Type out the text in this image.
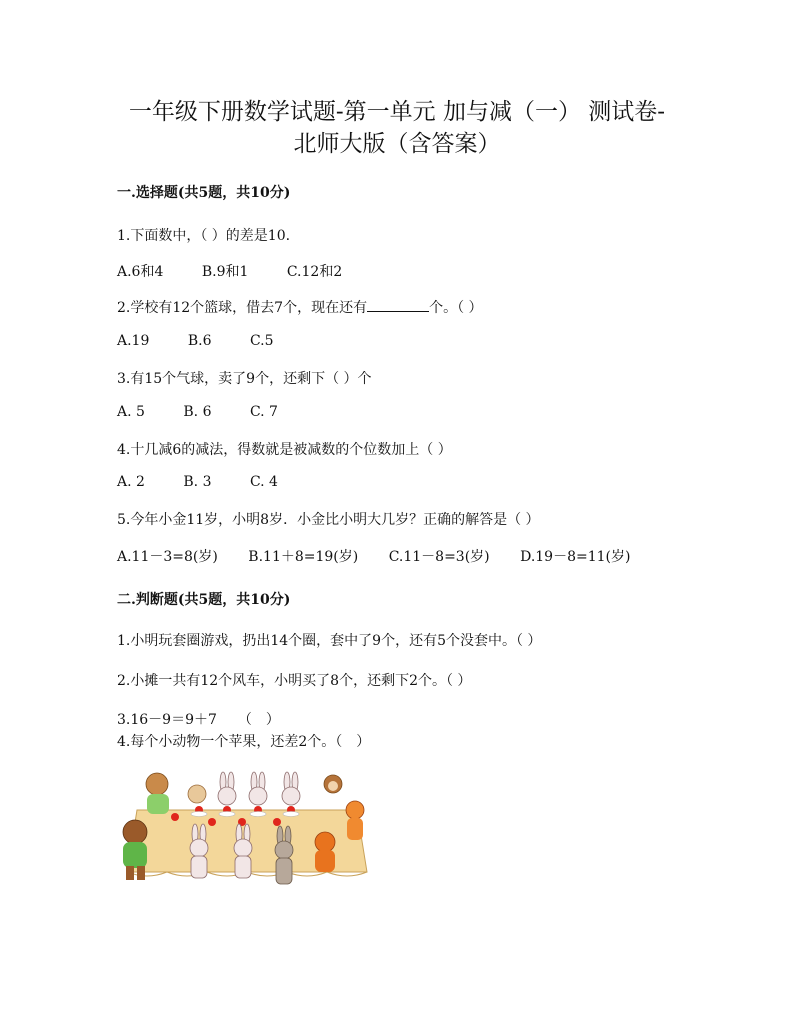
一年级下册数学试题-第一单元 加与减（一） 测试卷-
北师大版（含答案）
一.选择题(共5题，共10分)
1.下面数中，（ ）的差是10.
A.6和4	B.9和1	C.12和2
2.学校有12个篮球，借去7个，现在还有	个。（ ）
A.19	B.6	C.5
3.有15个气球，卖了9个，还剩下（ ）个
A. 5	B. 6	C. 7
4.十几减6的减法，得数就是被减数的个位数加上（ ）
A. 2	B. 3	C. 4
5.今年小金11岁，小明8岁．小金比小明大几岁？正确的解答是（ ）
A.11－3=8(岁) B.11＋8=19(岁) C.11－8=3(岁) D.19－8=11(岁)
二.判断题(共5题，共10分)
1.小明玩套圈游戏，扔出14个圈，套中了9个，还有5个没套中。（ ）
2.小摊一共有12个风车，小明买了8个，还剩下2个。（ ）
3.16－9＝9＋7　　（　）
4.每个小动物一个苹果，还差2个。（　）
